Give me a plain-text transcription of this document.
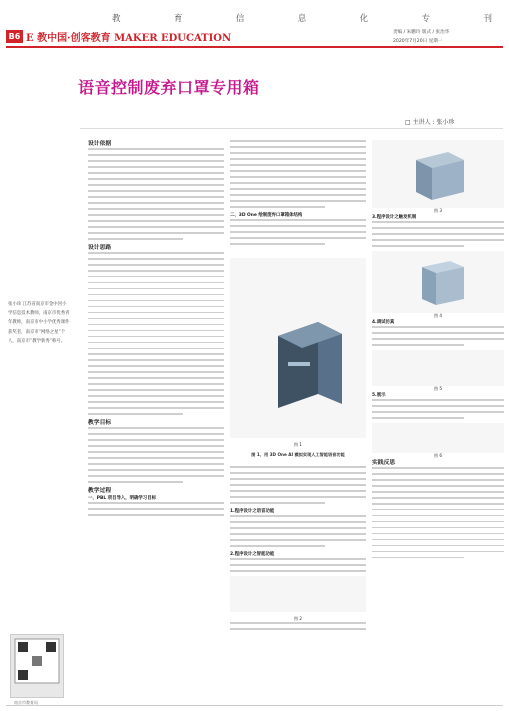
教	育	信	息	化	专	刊
B6 E 教中国·创客教育 MAKER EDUCATION
责编 / 朱鹏玲 版式 / 张治华
2020年7月20日 星期一
语音控制废弃口罩专用箱
□ 主讲人 : 张小珍
张小珍 江苏省南京市金中河小学信息技术教师，南京市优秀青年教师，南京市中小学优秀课件获奖者，南京市“网络之星”个人，南京市“教学新秀”称号。
南京市教育局
设计依据
设计思路
教学目标
教学过程
一、PBL 项目导入，明确学习目标
二、3D One 绘制废弃口罩箱体结构
图 1
图 1、用 3D One AI 模拟实现人工智能语音功能
1.程序设计之语音功能
2.程序设计之智能功能
图 2
图 3
3.程序设计之触发机制
图 4
4.调试仿真
图 5
5.展示
图 6
实践反思
